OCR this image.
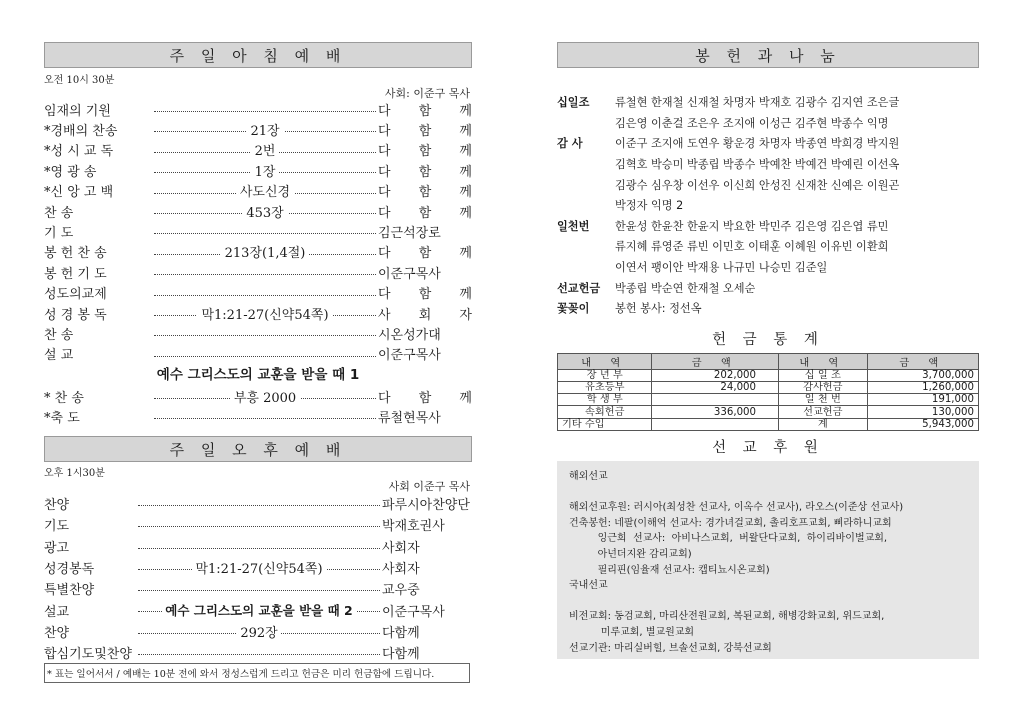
주 일 아 침 예 배
오전 10시 30분
사회: 이준구 목사
임재의 기원	다 함 께
*경배의 찬송	21장	다 함 께
*성 시 교 독	2번	다 함 께
*영 광 송	1장	다 함 께
*신 앙 고 백	사도신경	다 함 께
찬 송	453장	다 함 께
기 도	김근석장로
봉 헌 찬 송	213장(1,4절)	다 함 께
봉 헌 기 도	이준구목사
성도의교제	다 함 께
성 경 봉 독	막1:21-27(신약54쪽)	사 회 자
찬 송	시온성가대
설 교	이준구목사
예수 그리스도의 교훈을 받을 때 1
* 찬 송	부흥 2000	다 함 께
*축 도	류철현목사
주 일 오 후 예 배
오후 1시30분
사회 이준구 목사
찬양	파루시아찬양단
기도	박재호권사
광고	사회자
성경봉독	막1:21-27(신약54쪽)	사회자
특별찬양	교우중
설교	예수 그리스도의 교훈을 받을 때 2	이준구목사
찬양	292장	다함께
합심기도및찬양	다함께
* 표는 일어서서 / 예배는 10분 전에 와서 정성스럽게 드리고 헌금은 미리 헌금함에 드립니다.
봉 헌 과 나 눔
십일조	류철현 한재철 신재철 차명자 박재호 김광수 김지연 조은글
김은영 이춘걸 조은우 조지애 이성근 김주현 박종수 익명
감 사	이준구 조지애 도연우 황운경 차명자 박종연 박희경 박지원
김혁호 박승미 박종립 박종수 박예찬 박예건 박예린 이선옥
김광수 심우창 이선우 이신희 안성진 신재찬 신예은 이원곤
박정자 익명 2
일천번	한윤성 한윤찬 한윤지 박요한 박민주 김은영 김은엽 류민
류지혜 류영준 류빈 이민호 이태훈 이혜원 이유빈 이환희
이연서 팽이안 박재용 나규민 나승민 김준일
선교헌금	박종립 박순연 한재철 오세순
꽃꽂이	봉헌 봉사: 정선옥
헌 금 통 계
내 역	금 액	내 역	금 액
장 년 부	202,000	십 일 조	3,700,000
유초등부	24,000	감사헌금	1,260,000
학 생 부		일 천 번	191,000
속회헌금	336,000	선교헌금	130,000
기타 수입		계	5,943,000
선 교 후 원
해외선교
해외선교후원: 러시아(최성찬 선교사, 이옥수 선교사), 라오스(이준상 선교사)
건축봉헌: 네팔(이해억 선교사: 경가녀걸교회, 촐리호프교회, 삐라하니교회
잉근희  선교사:  아비나스교회,  버왈단다교회,  하이리바이벌교회,
아넌더지완 감리교회)
필리핀(임율재 선교사: 캡티뇨시온교회)
국내선교
비전교회: 동검교회, 마리산전원교회, 복된교회, 해병강화교회, 위드교회,
미루교회, 별교원교회
선교기관: 마리실버힐, 브솔선교회, 강북선교회
